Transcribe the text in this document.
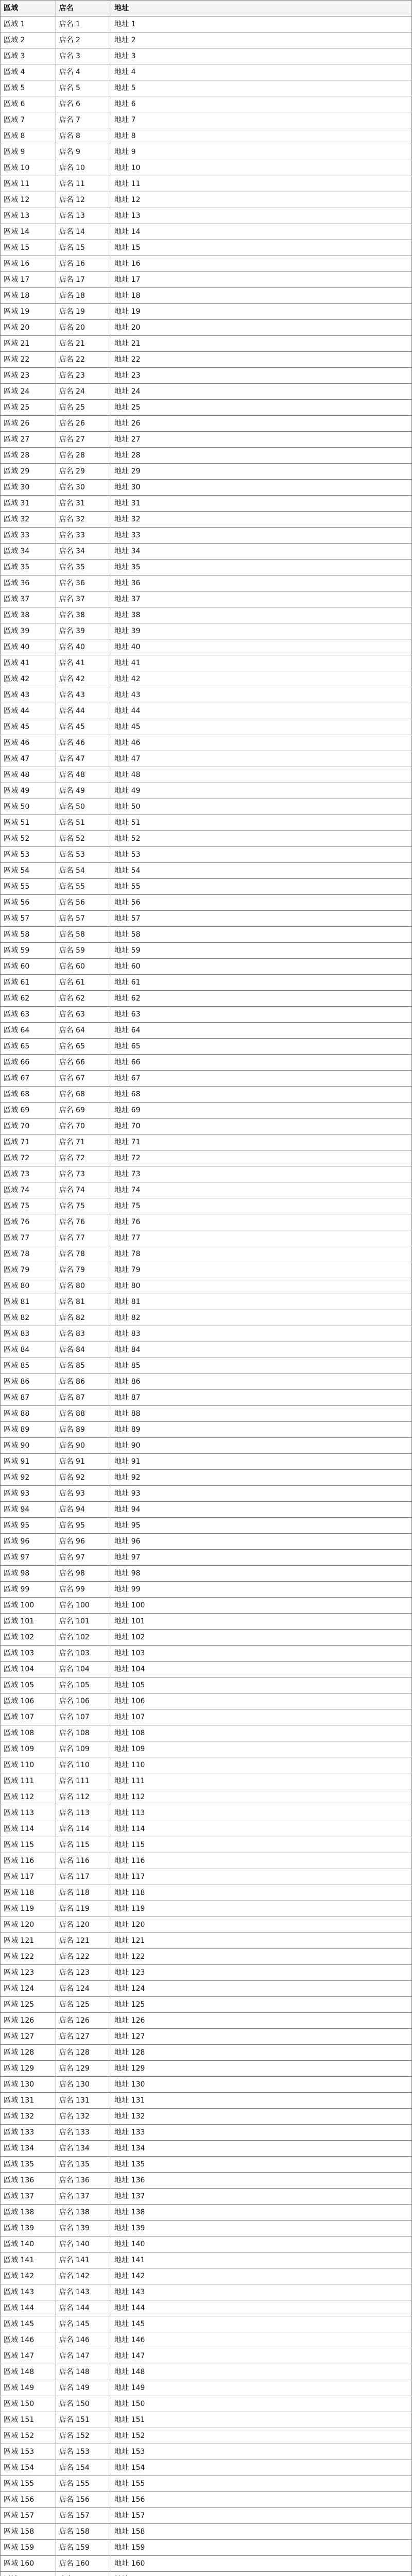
區域	店名	地址
區域 1	店名 1	地址 1
區域 2	店名 2	地址 2
區域 3	店名 3	地址 3
區域 4	店名 4	地址 4
區域 5	店名 5	地址 5
區域 6	店名 6	地址 6
區域 7	店名 7	地址 7
區域 8	店名 8	地址 8
區域 9	店名 9	地址 9
區域 10	店名 10	地址 10
區域 11	店名 11	地址 11
區域 12	店名 12	地址 12
區域 13	店名 13	地址 13
區域 14	店名 14	地址 14
區域 15	店名 15	地址 15
區域 16	店名 16	地址 16
區域 17	店名 17	地址 17
區域 18	店名 18	地址 18
區域 19	店名 19	地址 19
區域 20	店名 20	地址 20
區域 21	店名 21	地址 21
區域 22	店名 22	地址 22
區域 23	店名 23	地址 23
區域 24	店名 24	地址 24
區域 25	店名 25	地址 25
區域 26	店名 26	地址 26
區域 27	店名 27	地址 27
區域 28	店名 28	地址 28
區域 29	店名 29	地址 29
區域 30	店名 30	地址 30
區域 31	店名 31	地址 31
區域 32	店名 32	地址 32
區域 33	店名 33	地址 33
區域 34	店名 34	地址 34
區域 35	店名 35	地址 35
區域 36	店名 36	地址 36
區域 37	店名 37	地址 37
區域 38	店名 38	地址 38
區域 39	店名 39	地址 39
區域 40	店名 40	地址 40
區域 41	店名 41	地址 41
區域 42	店名 42	地址 42
區域 43	店名 43	地址 43
區域 44	店名 44	地址 44
區域 45	店名 45	地址 45
區域 46	店名 46	地址 46
區域 47	店名 47	地址 47
區域 48	店名 48	地址 48
區域 49	店名 49	地址 49
區域 50	店名 50	地址 50
區域 51	店名 51	地址 51
區域 52	店名 52	地址 52
區域 53	店名 53	地址 53
區域 54	店名 54	地址 54
區域 55	店名 55	地址 55
區域 56	店名 56	地址 56
區域 57	店名 57	地址 57
區域 58	店名 58	地址 58
區域 59	店名 59	地址 59
區域 60	店名 60	地址 60
區域 61	店名 61	地址 61
區域 62	店名 62	地址 62
區域 63	店名 63	地址 63
區域 64	店名 64	地址 64
區域 65	店名 65	地址 65
區域 66	店名 66	地址 66
區域 67	店名 67	地址 67
區域 68	店名 68	地址 68
區域 69	店名 69	地址 69
區域 70	店名 70	地址 70
區域 71	店名 71	地址 71
區域 72	店名 72	地址 72
區域 73	店名 73	地址 73
區域 74	店名 74	地址 74
區域 75	店名 75	地址 75
區域 76	店名 76	地址 76
區域 77	店名 77	地址 77
區域 78	店名 78	地址 78
區域 79	店名 79	地址 79
區域 80	店名 80	地址 80
區域 81	店名 81	地址 81
區域 82	店名 82	地址 82
區域 83	店名 83	地址 83
區域 84	店名 84	地址 84
區域 85	店名 85	地址 85
區域 86	店名 86	地址 86
區域 87	店名 87	地址 87
區域 88	店名 88	地址 88
區域 89	店名 89	地址 89
區域 90	店名 90	地址 90
區域 91	店名 91	地址 91
區域 92	店名 92	地址 92
區域 93	店名 93	地址 93
區域 94	店名 94	地址 94
區域 95	店名 95	地址 95
區域 96	店名 96	地址 96
區域 97	店名 97	地址 97
區域 98	店名 98	地址 98
區域 99	店名 99	地址 99
區域 100	店名 100	地址 100
區域 101	店名 101	地址 101
區域 102	店名 102	地址 102
區域 103	店名 103	地址 103
區域 104	店名 104	地址 104
區域 105	店名 105	地址 105
區域 106	店名 106	地址 106
區域 107	店名 107	地址 107
區域 108	店名 108	地址 108
區域 109	店名 109	地址 109
區域 110	店名 110	地址 110
區域 111	店名 111	地址 111
區域 112	店名 112	地址 112
區域 113	店名 113	地址 113
區域 114	店名 114	地址 114
區域 115	店名 115	地址 115
區域 116	店名 116	地址 116
區域 117	店名 117	地址 117
區域 118	店名 118	地址 118
區域 119	店名 119	地址 119
區域 120	店名 120	地址 120
區域 121	店名 121	地址 121
區域 122	店名 122	地址 122
區域 123	店名 123	地址 123
區域 124	店名 124	地址 124
區域 125	店名 125	地址 125
區域 126	店名 126	地址 126
區域 127	店名 127	地址 127
區域 128	店名 128	地址 128
區域 129	店名 129	地址 129
區域 130	店名 130	地址 130
區域 131	店名 131	地址 131
區域 132	店名 132	地址 132
區域 133	店名 133	地址 133
區域 134	店名 134	地址 134
區域 135	店名 135	地址 135
區域 136	店名 136	地址 136
區域 137	店名 137	地址 137
區域 138	店名 138	地址 138
區域 139	店名 139	地址 139
區域 140	店名 140	地址 140
區域 141	店名 141	地址 141
區域 142	店名 142	地址 142
區域 143	店名 143	地址 143
區域 144	店名 144	地址 144
區域 145	店名 145	地址 145
區域 146	店名 146	地址 146
區域 147	店名 147	地址 147
區域 148	店名 148	地址 148
區域 149	店名 149	地址 149
區域 150	店名 150	地址 150
區域 151	店名 151	地址 151
區域 152	店名 152	地址 152
區域 153	店名 153	地址 153
區域 154	店名 154	地址 154
區域 155	店名 155	地址 155
區域 156	店名 156	地址 156
區域 157	店名 157	地址 157
區域 158	店名 158	地址 158
區域 159	店名 159	地址 159
區域 160	店名 160	地址 160
